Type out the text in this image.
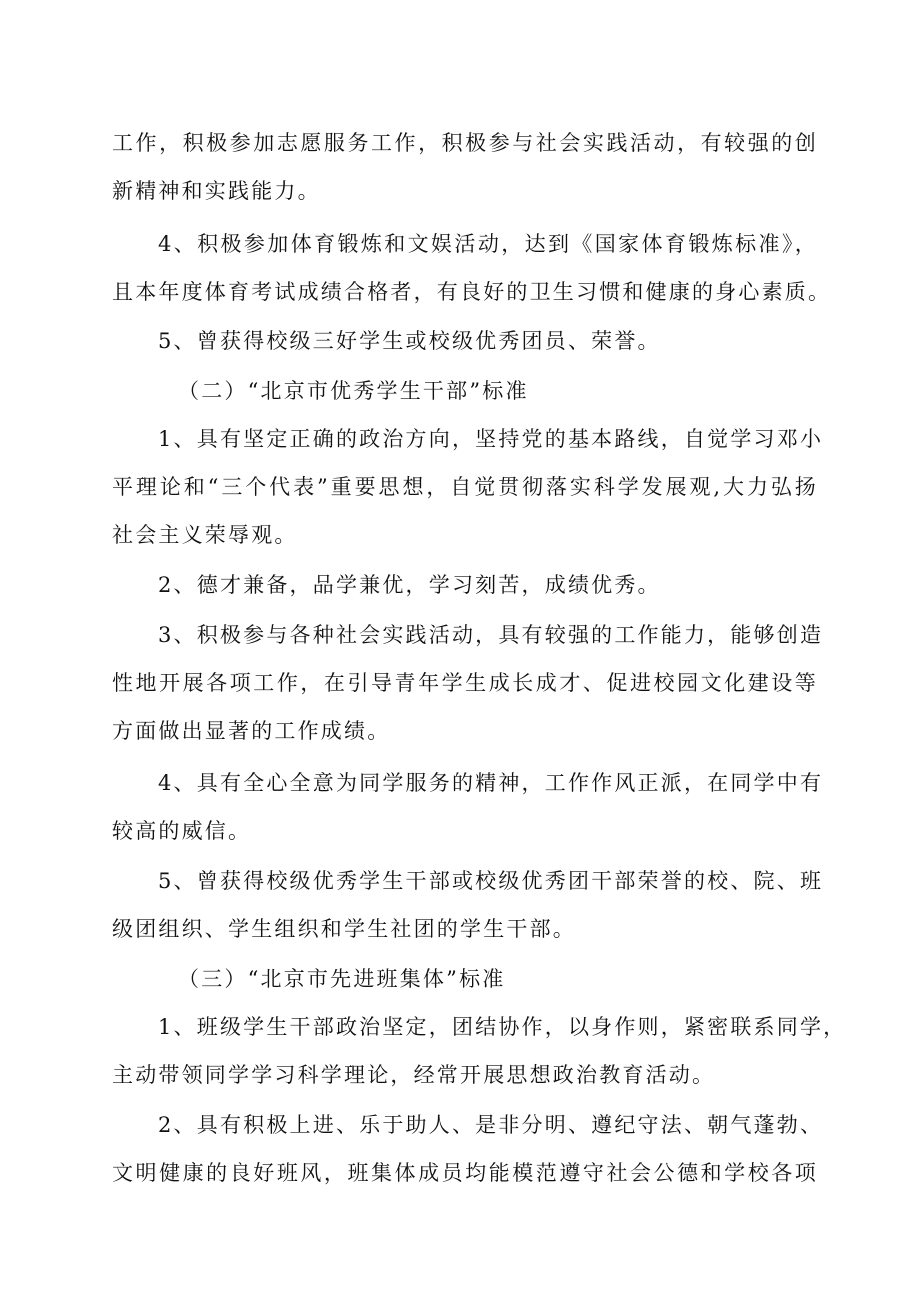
工作，积极参加志愿服务工作，积极参与社会实践活动，有较强的创
新精神和实践能力。
4、积极参加体育锻炼和文娱活动，达到《国家体育锻炼标准》，
且本年度体育考试成绩合格者，有良好的卫生习惯和健康的身心素质。
5、曾获得校级三好学生或校级优秀团员、荣誉。
（二）“北京市优秀学生干部”标准
1、具有坚定正确的政治方向，坚持党的基本路线，自觉学习邓小
平理论和“三个代表”重要思想，自觉贯彻落实科学发展观,大力弘扬
社会主义荣辱观。
2、德才兼备，品学兼优，学习刻苦，成绩优秀。
3、积极参与各种社会实践活动，具有较强的工作能力，能够创造
性地开展各项工作，在引导青年学生成长成才、促进校园文化建设等
方面做出显著的工作成绩。
4、具有全心全意为同学服务的精神，工作作风正派，在同学中有
较高的威信。
5、曾获得校级优秀学生干部或校级优秀团干部荣誉的校、院、班
级团组织、学生组织和学生社团的学生干部。
（三）“北京市先进班集体”标准
1、班级学生干部政治坚定，团结协作，以身作则，紧密联系同学，
主动带领同学学习科学理论，经常开展思想政治教育活动。
2、具有积极上进、乐于助人、是非分明、遵纪守法、朝气蓬勃、
文明健康的良好班风，班集体成员均能模范遵守社会公德和学校各项
